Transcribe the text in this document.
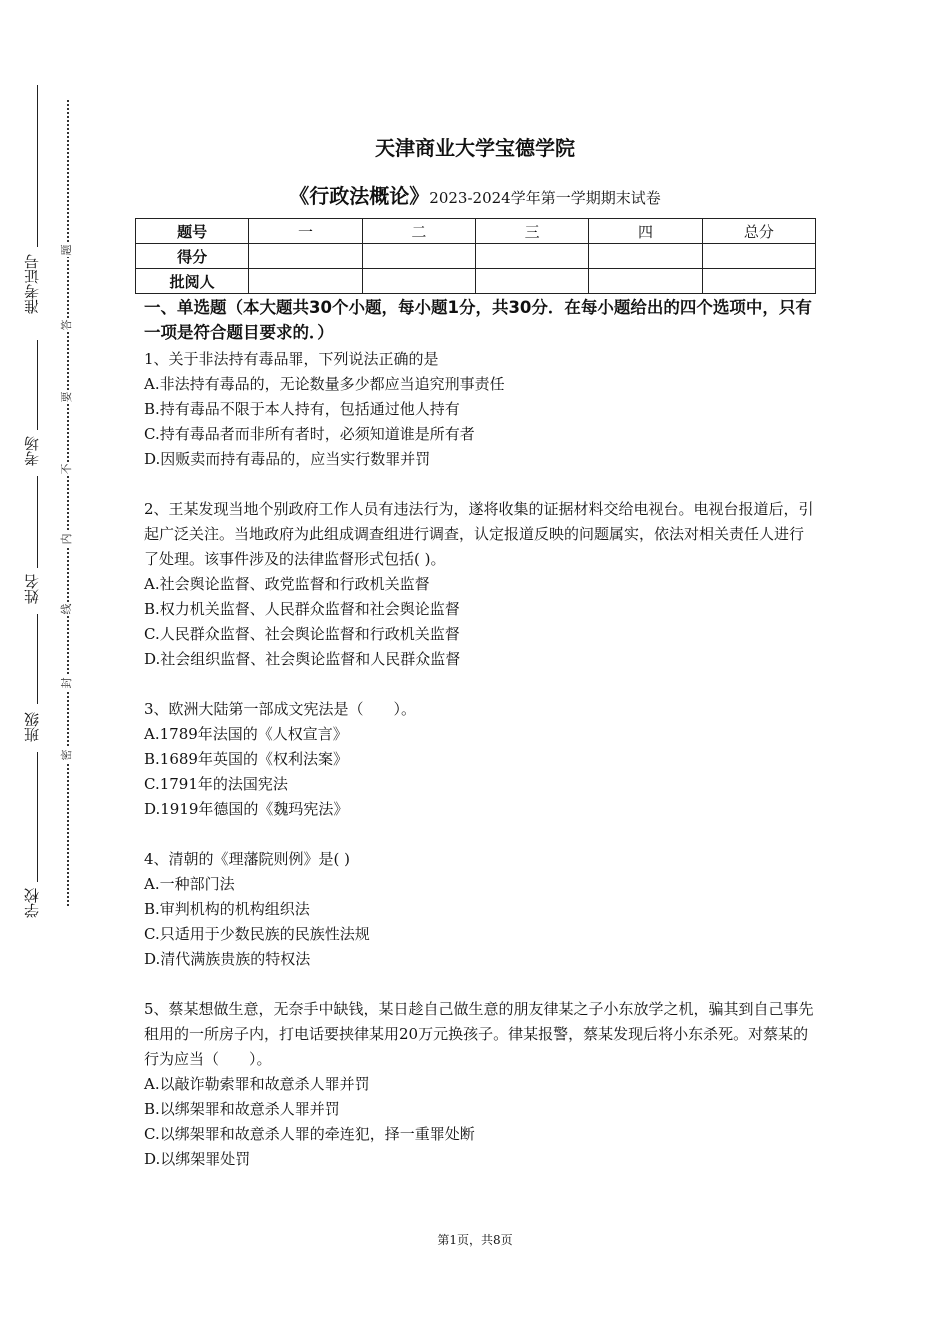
准考证号
考场
姓名
班级
学校
题
答
要
不
内
线
封
密
天津商业大学宝德学院
《行政法概论》2023-2024学年第一学期期末试卷
题号	一	二	三	四	总分
得分					
批阅人					

一、单选题（本大题共30个小题，每小题1分，共30分．在每小题给出的四个选项中，只有一项是符合题目要求的．）

1、关于非法持有毒品罪，下列说法正确的是

A.非法持有毒品的，无论数量多少都应当追究刑事责任

B.持有毒品不限于本人持有，包括通过他人持有

C.持有毒品者而非所有者时，必须知道谁是所有者

D.因贩卖而持有毒品的，应当实行数罪并罚

2、王某发现当地个别政府工作人员有违法行为，遂将收集的证据材料交给电视台。电视台报道后，引起广泛关注。当地政府为此组成调查组进行调查，认定报道反映的问题属实，依法对相关责任人进行了处理。该事件涉及的法律监督形式包括( )。

A.社会舆论监督、政党监督和行政机关监督

B.权力机关监督、人民群众监督和社会舆论监督

C.人民群众监督、社会舆论监督和行政机关监督

D.社会组织监督、社会舆论监督和人民群众监督

3、欧洲大陆第一部成文宪法是（　　）。

A.1789年法国的《人权宣言》

B.1689年英国的《权利法案》

C.1791年的法国宪法

D.1919年德国的《魏玛宪法》

4、清朝的《理藩院则例》是( )

A.一种部门法

B.审判机构的机构组织法

C.只适用于少数民族的民族性法规

D.清代满族贵族的特权法

5、蔡某想做生意，无奈手中缺钱，某日趁自己做生意的朋友律某之子小东放学之机，骗其到自己事先租用的一所房子内，打电话要挟律某用20万元换孩子。律某报警，蔡某发现后将小东杀死。对蔡某的行为应当（　　）。

A.以敲诈勒索罪和故意杀人罪并罚

B.以绑架罪和故意杀人罪并罚

C.以绑架罪和故意杀人罪的牵连犯，择一重罪处断

D.以绑架罪处罚

第1页，共8页
